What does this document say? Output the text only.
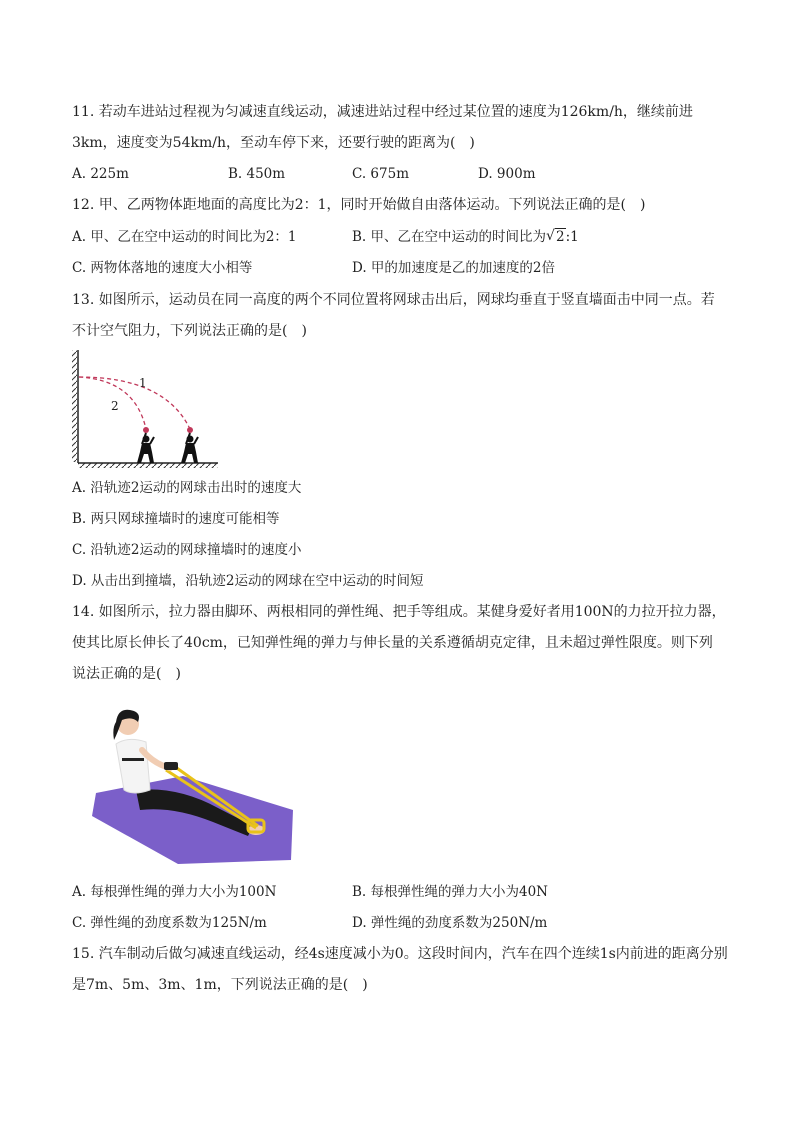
11. 若动车进站过程视为匀减速直线运动，减速进站过程中经过某位置的速度为126km/h，继续前进
3km，速度变为54km/h，至动车停下来，还要行驶的距离为(　)
A. 225m	B. 450m	C. 675m	D. 900m
12. 甲、乙两物体距地面的高度比为2：1，同时开始做自由落体运动。下列说法正确的是(　)
A. 甲、乙在空中运动的时间比为2：1	B. 甲、乙在空中运动的时间比为√ 2:1
C. 两物体落地的速度大小相等	D. 甲的加速度是乙的加速度的2倍
13. 如图所示，运动员在同一高度的两个不同位置将网球击出后，网球均垂直于竖直墙面击中同一点。若
不计空气阻力，下列说法正确的是(　)
1
2
A. 沿轨迹2运动的网球击出时的速度大
B. 两只网球撞墙时的速度可能相等
C. 沿轨迹2运动的网球撞墙时的速度小
D. 从击出到撞墙，沿轨迹2运动的网球在空中运动的时间短
14. 如图所示，拉力器由脚环、两根相同的弹性绳、把手等组成。某健身爱好者用100N的力拉开拉力器，
使其比原长伸长了40cm，已知弹性绳的弹力与伸长量的关系遵循胡克定律，且未超过弹性限度。则下列
说法正确的是(　)
A. 每根弹性绳的弹力大小为100N	B. 每根弹性绳的弹力大小为40N
C. 弹性绳的劲度系数为125N/m	D. 弹性绳的劲度系数为250N/m
15. 汽车制动后做匀减速直线运动，经4s速度减小为0。这段时间内，汽车在四个连续1s内前进的距离分别
是7m、5m、3m、1m，下列说法正确的是(　)
